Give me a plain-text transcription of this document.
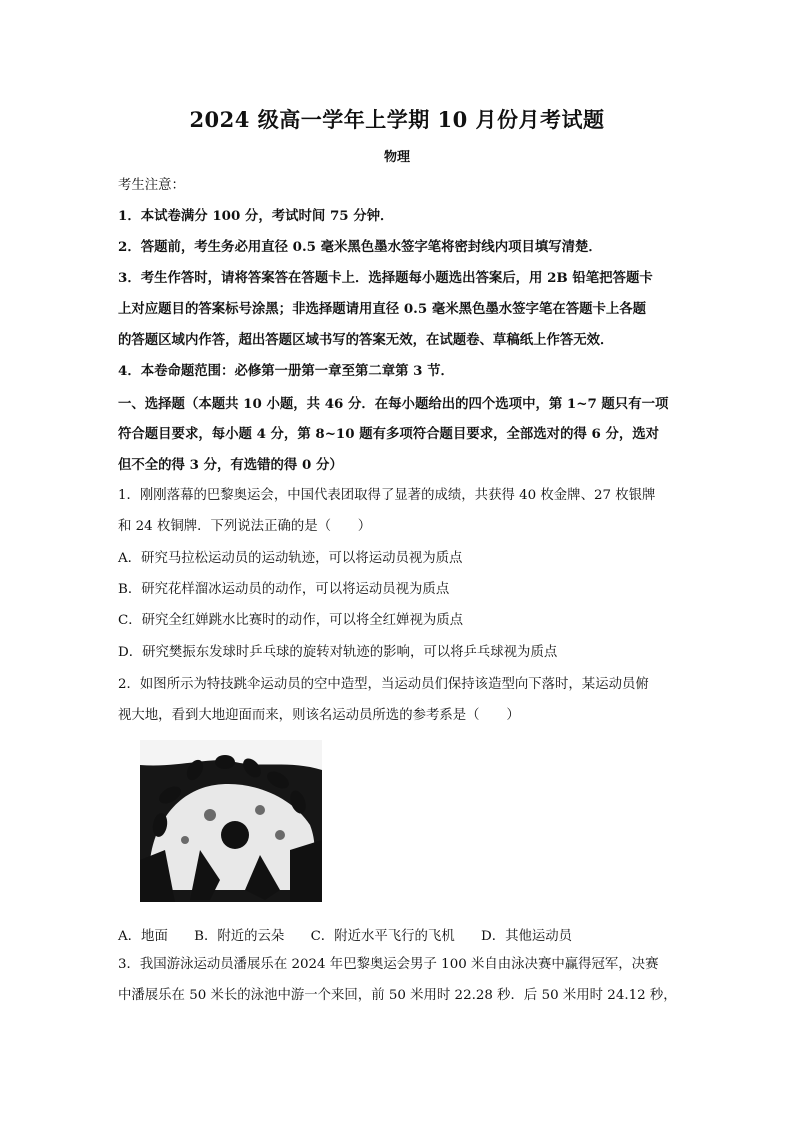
2024 级高一学年上学期 10 月份月考试题
物理
考生注意：
1．本试卷满分 100 分，考试时间 75 分钟．
2．答题前，考生务必用直径 0.5 毫米黑色墨水签字笔将密封线内项目填写清楚．
3．考生作答时，请将答案答在答题卡上．选择题每小题选出答案后，用 2B 铅笔把答题卡
上对应题目的答案标号涂黑；非选择题请用直径 0.5 毫米黑色墨水签字笔在答题卡上各题
的答题区域内作答，超出答题区域书写的答案无效，在试题卷、草稿纸上作答无效．
4．本卷命题范围：必修第一册第一章至第二章第 3 节．
一、选择题（本题共 10 小题，共 46 分．在每小题给出的四个选项中，第 1~7 题只有一项
符合题目要求，每小题 4 分，第 8~10 题有多项符合题目要求，全部选对的得 6 分，选对
但不全的得 3 分，有选错的得 0 分）
1．刚刚落幕的巴黎奥运会，中国代表团取得了显著的成绩，共获得 40 枚金牌、27 枚银牌
和 24 枚铜牌．下列说法正确的是（　　）
A．研究马拉松运动员的运动轨迹，可以将运动员视为质点
B．研究花样溜冰运动员的动作，可以将运动员视为质点
C．研究全红婵跳水比赛时的动作，可以将全红婵视为质点
D．研究樊振东发球时乒乓球的旋转对轨迹的影响，可以将乒乓球视为质点
2．如图所示为特技跳伞运动员的空中造型，当运动员们保持该造型向下落时，某运动员俯
视大地，看到大地迎面而来，则该名运动员所选的参考系是（　　）
A．地面 B．附近的云朵 C．附近水平飞行的飞机 D．其他运动员
3．我国游泳运动员潘展乐在 2024 年巴黎奥运会男子 100 米自由泳决赛中赢得冠军，决赛
中潘展乐在 50 米长的泳池中游一个来回，前 50 米用时 22.28 秒．后 50 米用时 24.12 秒，
